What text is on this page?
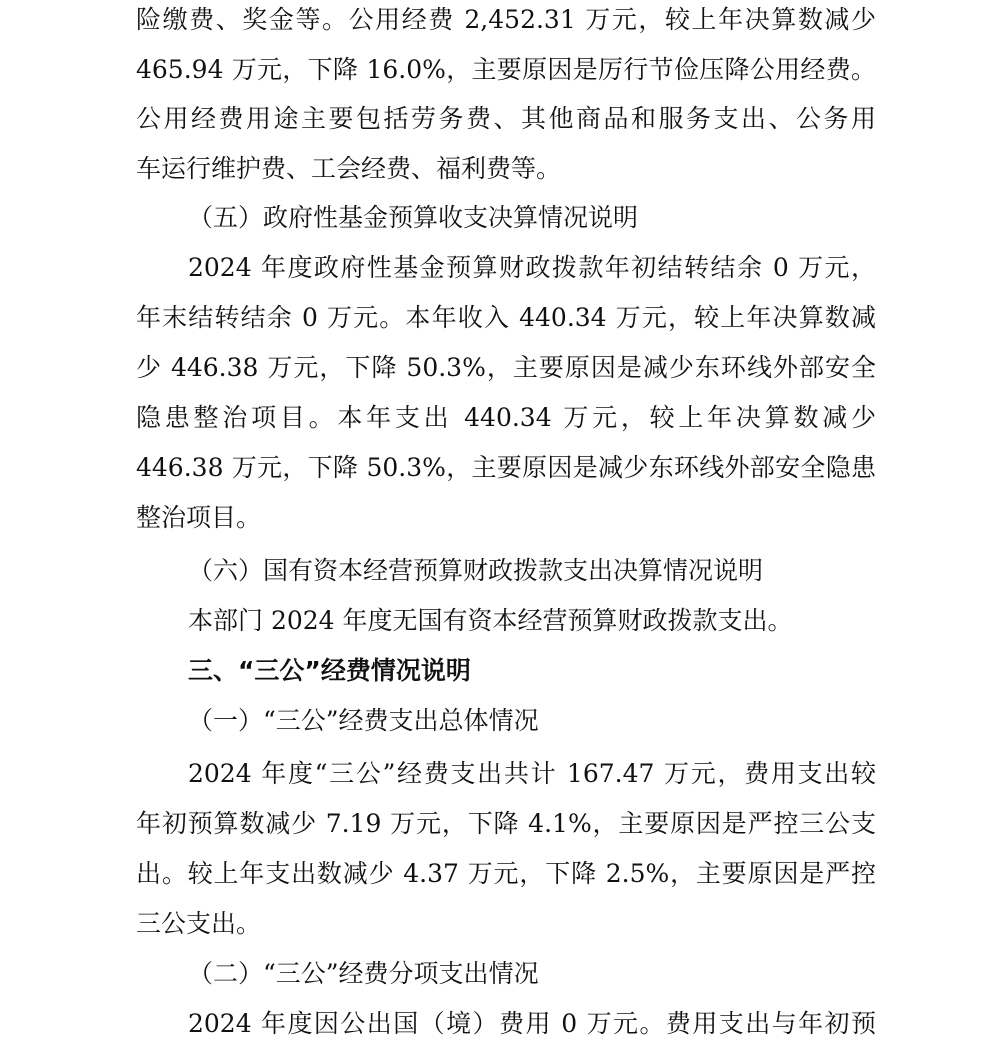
险缴费、奖金等。公用经费 2,452.31 万元，较上年决算数减少
465.94 万元，下降 16.0%，主要原因是厉行节俭压降公用经费。
公用经费用途主要包括劳务费、其他商品和服务支出、公务用
车运行维护费、工会经费、福利费等。
（五）政府性基金预算收支决算情况说明
2024 年度政府性基金预算财政拨款年初结转结余 0 万元，
年末结转结余 0 万元。本年收入 440.34 万元，较上年决算数减
少 446.38 万元，下降 50.3%，主要原因是减少东环线外部安全
隐患整治项目。本年支出 440.34 万元，较上年决算数减少
446.38 万元，下降 50.3%，主要原因是减少东环线外部安全隐患
整治项目。
（六）国有资本经营预算财政拨款支出决算情况说明
本部门 2024 年度无国有资本经营预算财政拨款支出。
三、“三公”经费情况说明
（一）“三公”经费支出总体情况
2024 年度“三公”经费支出共计 167.47 万元，费用支出较
年初预算数减少 7.19 万元，下降 4.1%，主要原因是严控三公支
出。较上年支出数减少 4.37 万元，下降 2.5%，主要原因是严控
三公支出。
（二）“三公”经费分项支出情况
2024 年度因公出国（境）费用 0 万元。费用支出与年初预
